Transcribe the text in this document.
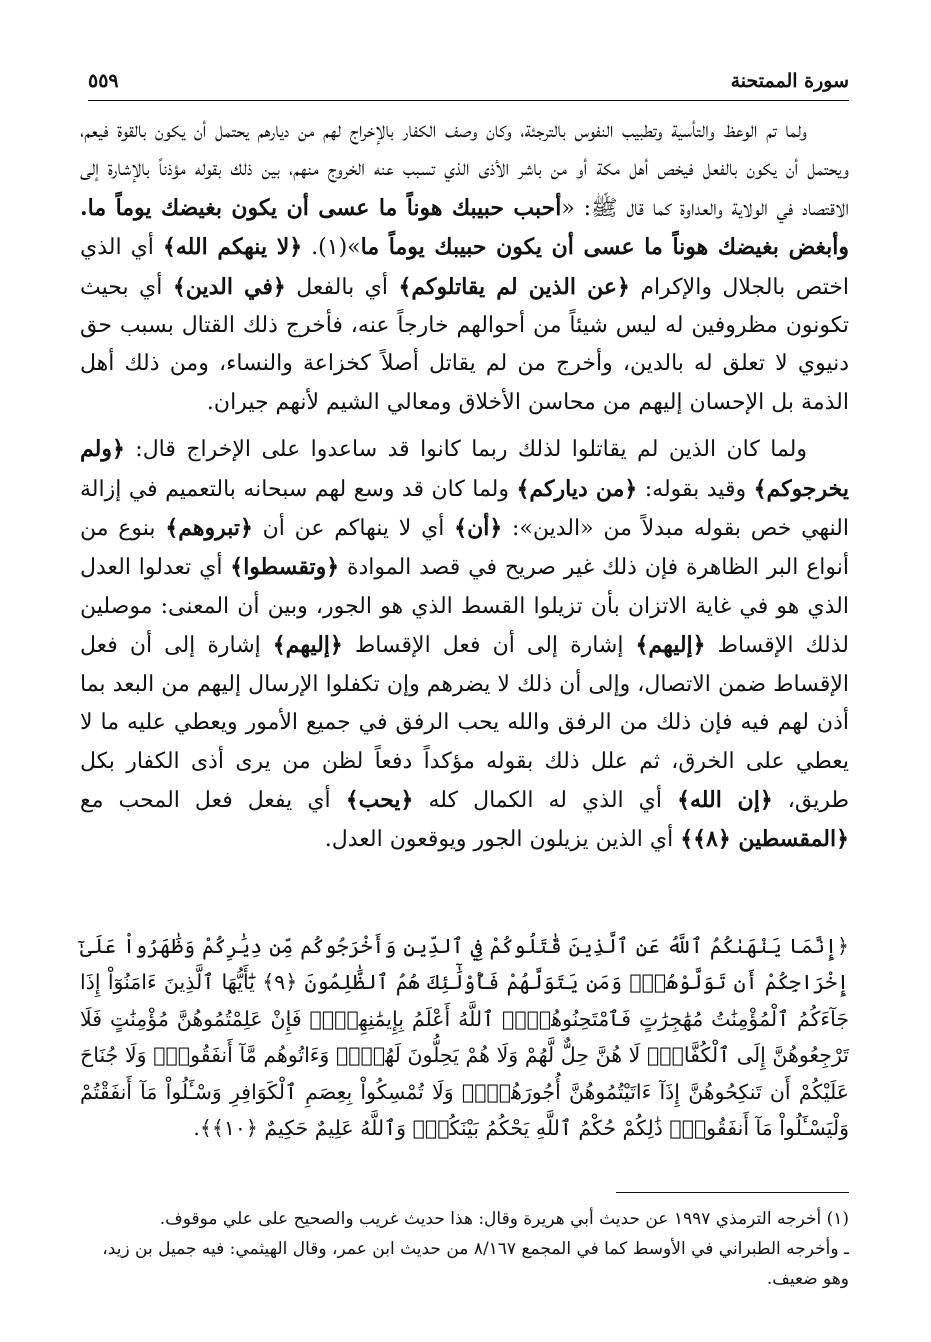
سورة الممتحنة
٥٥٩

ولما تم الوعظ والتأسية وتطبيب النفوس بالترجئة، وكان وصف الكفار بالإخراج لهم من ديارهم يحتمل أن يكون بالقوة فيعم، ويحتمل أن يكون بالفعل فيخص أهل مكة أو من باشر الأذى الذي تسبب عنه الخروج منهم، بين ذلك بقوله مؤذناً بالإشارة إلى الاقتصاد في الولاية والعداوة كما قال ﷺ: «أحبب حبيبك هوناً ما عسى أن يكون بغيضك يوماً ما. وأبغض بغيضك هوناً ما عسى أن يكون حبيبك يوماً ما»(١). ﴿لا ينهكم الله﴾ أي الذي اختص بالجلال والإكرام ﴿عن الذين لم يقاتلوكم﴾ أي بالفعل ﴿في الدين﴾ أي بحيث تكونون مظروفين له ليس شيئاً من أحوالهم خارجاً عنه، فأخرج ذلك القتال بسبب حق دنيوي لا تعلق له بالدين، وأخرج من لم يقاتل أصلاً كخزاعة والنساء، ومن ذلك أهل الذمة بل الإحسان إليهم من محاسن الأخلاق ومعالي الشيم لأنهم جيران.

ولما كان الذين لم يقاتلوا لذلك ربما كانوا قد ساعدوا على الإخراج قال: ﴿ولم يخرجوكم﴾ وقيد بقوله: ﴿من دياركم﴾ ولما كان قد وسع لهم سبحانه بالتعميم في إزالة النهي خص بقوله مبدلاً من «الدين»: ﴿أن﴾ أي لا ينهاكم عن أن ﴿تبروهم﴾ بنوع من أنواع البر الظاهرة فإن ذلك غير صريح في قصد الموادة ﴿وتقسطوا﴾ أي تعدلوا العدل الذي هو في غاية الاتزان بأن تزيلوا القسط الذي هو الجور، وبين أن المعنى: موصلين لذلك الإقساط ﴿إليهم﴾ إشارة إلى أن فعل الإقساط ﴿إليهم﴾ إشارة إلى أن فعل الإقساط ضمن الاتصال، وإلى أن ذلك لا يضرهم وإن تكفلوا الإرسال إليهم من البعد بما أذن لهم فيه فإن ذلك من الرفق والله يحب الرفق في جميع الأمور ويعطي عليه ما لا يعطي على الخرق، ثم علل ذلك بقوله مؤكداً دفعاً لظن من يرى أذى الكفار بكل طريق، ﴿إن الله﴾ أي الذي له الكمال كله ﴿يحب﴾ أي يفعل فعل المحب مع ﴿المقسطين ﴿٨﴾﴾ أي الذين يزيلون الجور ويوقعون العدل.

﴿إِنَّمَا يَنْهَىٰكُمُ ٱللَّهُ عَنِ ٱلَّذِينَ قَٰتَلُوكُمْ فِي ٱلدِّينِ وَأَخْرَجُوكُم مِّن دِيَٰرِكُمْ وَظَٰهَرُواْ عَلَىٰٓ إِخْرَاجِكُمْ أَن تَوَلَّوْهُمْۚ وَمَن يَتَوَلَّهُمْ فَأُوْلَٰٓئِكَ هُمُ ٱلظَّٰلِمُونَ ﴿٩﴾ يَٰٓأَيُّهَا ٱلَّذِينَ ءَامَنُوٓاْ إِذَا جَآءَكُمُ ٱلْمُؤْمِنَٰتُ مُهَٰجِرَٰتٍ فَٱمْتَحِنُوهُنَّۖ ٱللَّهُ أَعْلَمُ بِإِيمَٰنِهِنَّۖ فَإِنْ عَلِمْتُمُوهُنَّ مُؤْمِنَٰتٍ فَلَا تَرْجِعُوهُنَّ إِلَى ٱلْكُفَّارِۖ لَا هُنَّ حِلٌّ لَّهُمْ وَلَا هُمْ يَحِلُّونَ لَهُنَّۖ وَءَاتُوهُم مَّآ أَنفَقُواْۚ وَلَا جُنَاحَ عَلَيْكُمْ أَن تَنكِحُوهُنَّ إِذَآ ءَاتَيْتُمُوهُنَّ أُجُورَهُنَّۚ وَلَا تُمْسِكُواْ بِعِصَمِ ٱلْكَوَافِرِ وَسْـَٔلُواْ مَآ أَنفَقْتُمْ وَلْيَسْـَٔلُواْ مَآ أَنفَقُواْۚ ذَٰلِكُمْ حُكْمُ ٱللَّهِ يَحْكُمُ بَيْنَكُمْۖ وَٱللَّهُ عَلِيمٌ حَكِيمٌ ﴿١٠﴾﴾.

(١) أخرجه الترمذي ١٩٩٧ عن حديث أبي هريرة وقال: هذا حديث غريب والصحيح على علي موقوف.

ـ وأخرجه الطبراني في الأوسط كما في المجمع ٨/١٦٧ من حديث ابن عمر، وقال الهيثمي: فيه جميل بن زيد، وهو ضعيف.
